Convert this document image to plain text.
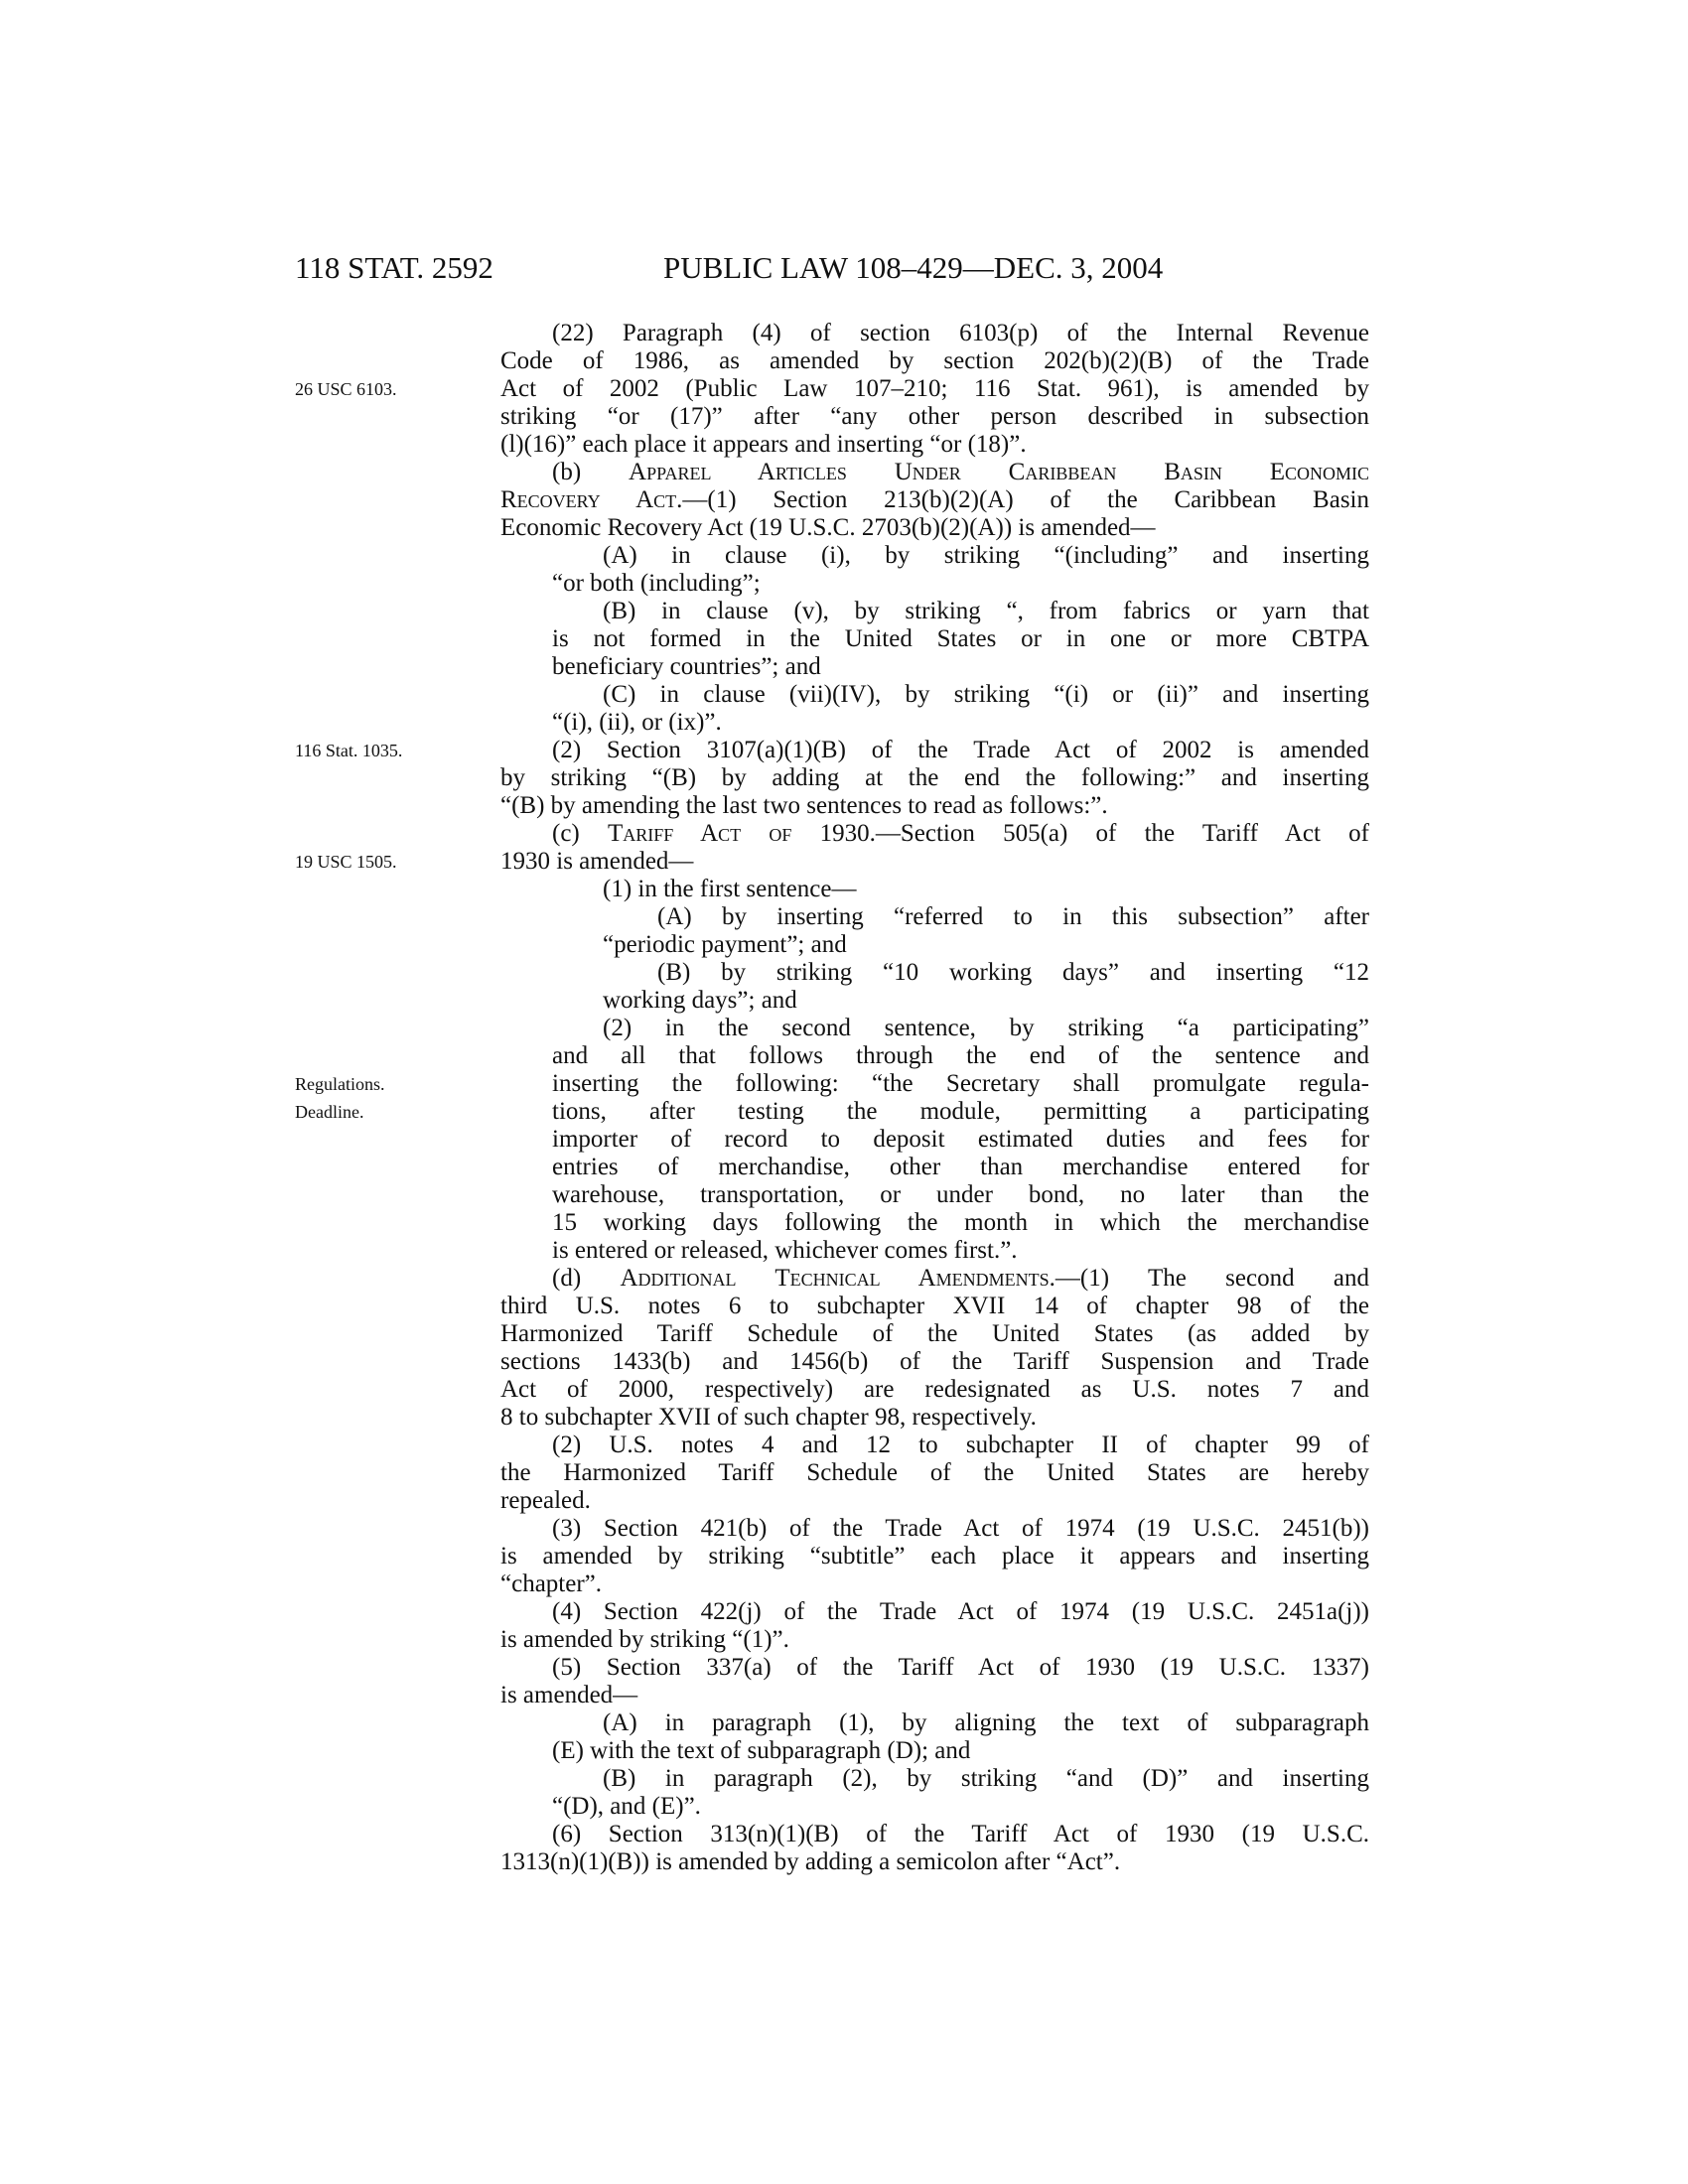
118 STAT. 2592	PUBLIC LAW 108–429—DEC. 3, 2004
(22) Paragraph (4) of section 6103(p) of the Internal Revenue
Code of 1986, as amended by section 202(b)(2)(B) of the Trade
Act of 2002 (Public Law 107–210; 116 Stat. 961), is amended by
26 USC 6103.
striking “or (17)” after “any other person described in subsection
(l)(16)” each place it appears and inserting “or (18)”.
(b) Apparel Articles Under Caribbean Basin Economic
Recovery Act.—(1) Section 213(b)(2)(A) of the Caribbean Basin
Economic Recovery Act (19 U.S.C. 2703(b)(2)(A)) is amended—
(A) in clause (i), by striking “(including” and inserting
“or both (including”;
(B) in clause (v), by striking “, from fabrics or yarn that
is not formed in the United States or in one or more CBTPA
beneficiary countries”; and
(C) in clause (vii)(IV), by striking “(i) or (ii)” and inserting
“(i), (ii), or (ix)”.
(2) Section 3107(a)(1)(B) of the Trade Act of 2002 is amended
116 Stat. 1035.
by striking “(B) by adding at the end the following:” and inserting
“(B) by amending the last two sentences to read as follows:”.
(c) Tariff Act of 1930.—Section 505(a) of the Tariff Act of
1930 is amended—
19 USC 1505.
(1) in the first sentence—
(A) by inserting “referred to in this subsection” after
“periodic payment”; and
(B) by striking “10 working days” and inserting “12
working days”; and
(2) in the second sentence, by striking “a participating”
and all that follows through the end of the sentence and
inserting the following: “the Secretary shall promulgate regula-
Regulations.
tions, after testing the module, permitting a participating
Deadline.
importer of record to deposit estimated duties and fees for
entries of merchandise, other than merchandise entered for
warehouse, transportation, or under bond, no later than the
15 working days following the month in which the merchandise
is entered or released, whichever comes first.”.
(d) Additional Technical Amendments.—(1) The second and
third U.S. notes 6 to subchapter XVII 14 of chapter 98 of the
Harmonized Tariff Schedule of the United States (as added by
sections 1433(b) and 1456(b) of the Tariff Suspension and Trade
Act of 2000, respectively) are redesignated as U.S. notes 7 and
8 to subchapter XVII of such chapter 98, respectively.
(2) U.S. notes 4 and 12 to subchapter II of chapter 99 of
the Harmonized Tariff Schedule of the United States are hereby
repealed.
(3) Section 421(b) of the Trade Act of 1974 (19 U.S.C. 2451(b))
is amended by striking “subtitle” each place it appears and inserting
“chapter”.
(4) Section 422(j) of the Trade Act of 1974 (19 U.S.C. 2451a(j))
is amended by striking “(1)”.
(5) Section 337(a) of the Tariff Act of 1930 (19 U.S.C. 1337)
is amended—
(A) in paragraph (1), by aligning the text of subparagraph
(E) with the text of subparagraph (D); and
(B) in paragraph (2), by striking “and (D)” and inserting
“(D), and (E)”.
(6) Section 313(n)(1)(B) of the Tariff Act of 1930 (19 U.S.C.
1313(n)(1)(B)) is amended by adding a semicolon after “Act”.
